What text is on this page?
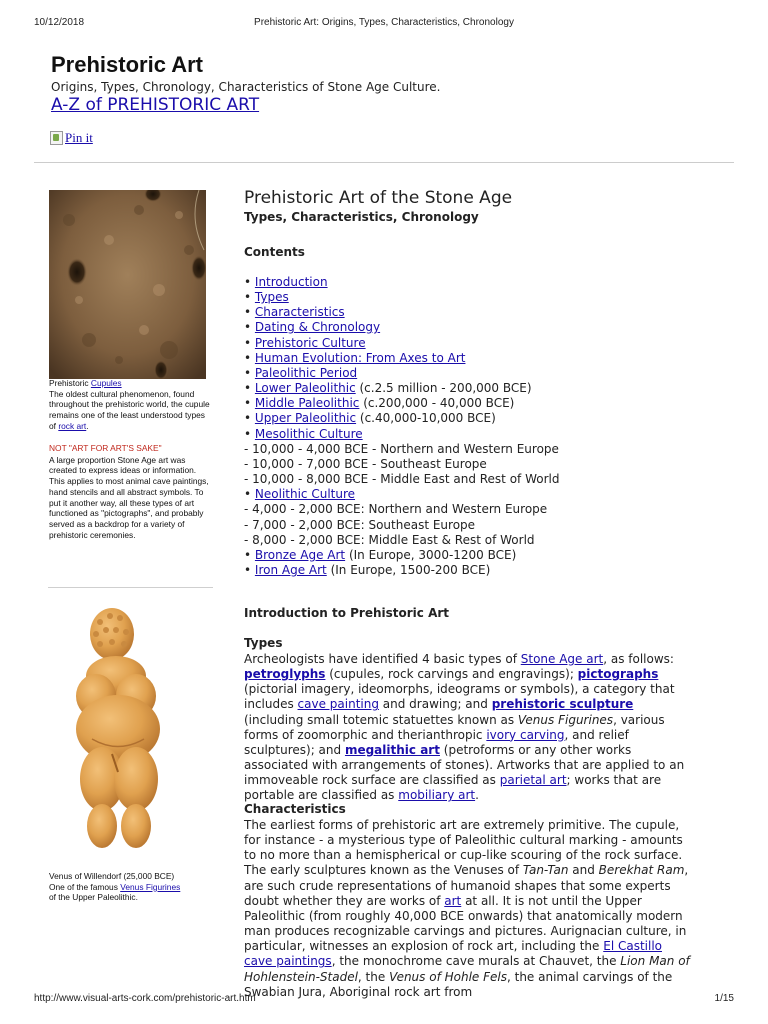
10/12/2018	Prehistoric Art: Origins, Types, Characteristics, Chronology
Prehistoric Art
Origins, Types, Chronology, Characteristics of Stone Age Culture.
A-Z of PREHISTORIC ART
Pin it

Prehistoric Cupules

The oldest cultural phenomenon, found throughout the prehistoric world, the cupule remains one of the least understood types of rock art.

NOT "ART FOR ART'S SAKE"

A large proportion Stone Age art was created to express ideas or information. This applies to most animal cave paintings, hand stencils and all abstract symbols. To put it another way, all these types of art functioned as "pictographs", and probably served as a backdrop for a variety of prehistoric ceremonies.

Venus of Willendorf (25,000 BCE)

One of the famous Venus Figurines

of the Upper Paleolithic.

Prehistoric Art of the Stone Age
Types, Characteristics, Chronology
Contents
• Introduction
• Types
• Characteristics
• Dating & Chronology
• Prehistoric Culture
• Human Evolution: From Axes to Art
• Paleolithic Period
• Lower Paleolithic (c.2.5 million - 200,000 BCE)
• Middle Paleolithic (c.200,000 - 40,000 BCE)
• Upper Paleolithic (c.40,000-10,000 BCE)
• Mesolithic Culture
- 10,000 - 4,000 BCE - Northern and Western Europe
- 10,000 - 7,000 BCE - Southeast Europe
- 10,000 - 8,000 BCE - Middle East and Rest of World
• Neolithic Culture
- 4,000 - 2,000 BCE: Northern and Western Europe
- 7,000 - 2,000 BCE: Southeast Europe
- 8,000 - 2,000 BCE: Middle East & Rest of World
• Bronze Age Art (In Europe, 3000-1200 BCE)
• Iron Age Art (In Europe, 1500-200 BCE)
Introduction to Prehistoric Art
Types

Archeologists have identified 4 basic types of Stone Age art, as follows: petroglyphs (cupules, rock carvings and engravings); pictographs (pictorial imagery, ideomorphs, ideograms or symbols), a category that includes cave painting and drawing; and prehistoric sculpture (including small totemic statuettes known as Venus Figurines, various forms of zoomorphic and therianthropic ivory carving, and relief sculptures); and megalithic art (petroforms or any other works associated with arrangements of stones). Artworks that are applied to an immoveable rock surface are classified as parietal art; works that are portable are classified as mobiliary art.

Characteristics

The earliest forms of prehistoric art are extremely primitive. The cupule, for instance - a mysterious type of Paleolithic cultural marking - amounts to no more than a hemispherical or cup-like scouring of the rock surface. The early sculptures known as the Venuses of Tan-Tan and Berekhat Ram, are such crude representations of humanoid shapes that some experts doubt whether they are works of art at all. It is not until the Upper Paleolithic (from roughly 40,000 BCE onwards) that anatomically modern man produces recognizable carvings and pictures. Aurignacian culture, in particular, witnesses an explosion of rock art, including the El Castillo cave paintings, the monochrome cave murals at Chauvet, the Lion Man of Hohlenstein-Stadel, the Venus of Hohle Fels, the animal carvings of the Swabian Jura, Aboriginal rock art from

http://www.visual-arts-cork.com/prehistoric-art.htm	1/15
